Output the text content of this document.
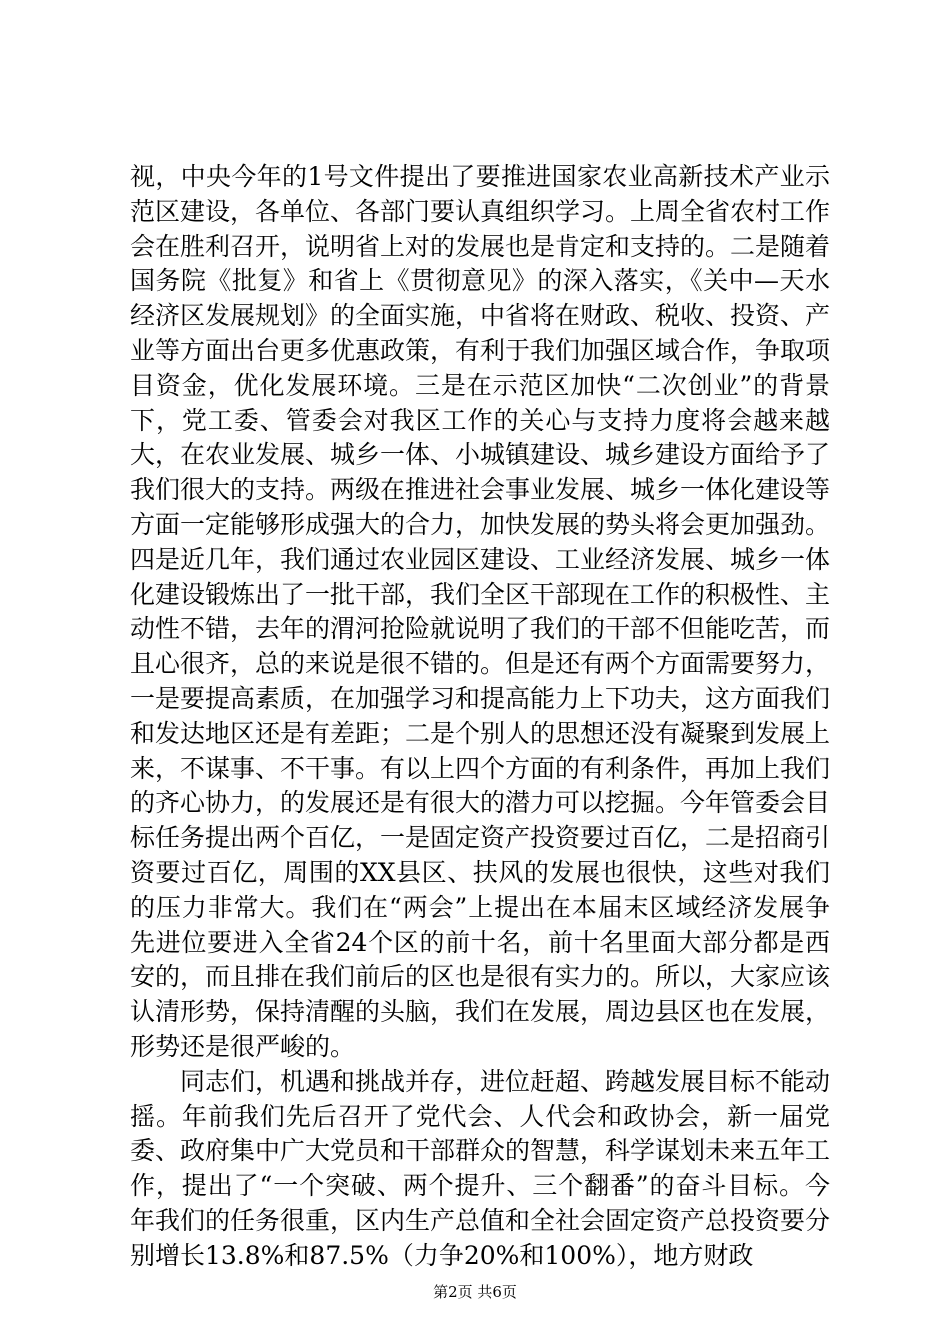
视，中央今年的1号文件提出了要推进国家农业高新技术产业示范区建设，各单位、各部门要认真组织学习。上周全省农村工作会在胜利召开，说明省上对的发展也是肯定和支持的。二是随着国务院《批复》和省上《贯彻意见》的深入落实，《关中—天水经济区发展规划》的全面实施，中省将在财政、税收、投资、产业等方面出台更多优惠政策，有利于我们加强区域合作，争取项目资金，优化发展环境。三是在示范区加快“二次创业”的背景下，党工委、管委会对我区工作的关心与支持力度将会越来越大，在农业发展、城乡一体、小城镇建设、城乡建设方面给予了我们很大的支持。两级在推进社会事业发展、城乡一体化建设等方面一定能够形成强大的合力，加快发展的势头将会更加强劲。四是近几年，我们通过农业园区建设、工业经济发展、城乡一体化建设锻炼出了一批干部，我们全区干部现在工作的积极性、主动性不错，去年的渭河抢险就说明了我们的干部不但能吃苦，而且心很齐，总的来说是很不错的。但是还有两个方面需要努力，一是要提高素质，在加强学习和提高能力上下功夫，这方面我们和发达地区还是有差距；二是个别人的思想还没有凝聚到发展上来，不谋事、不干事。有以上四个方面的有利条件，再加上我们的齐心协力，的发展还是有很大的潜力可以挖掘。今年管委会目标任务提出两个百亿，一是固定资产投资要过百亿，二是招商引资要过百亿，周围的XX县区、扶风的发展也很快，这些对我们的压力非常大。我们在“两会”上提出在本届末区域经济发展争先进位要进入全省24个区的前十名，前十名里面大部分都是西安的，而且排在我们前后的区也是很有实力的。所以，大家应该认清形势，保持清醒的头脑，我们在发展，周边县区也在发展，形势还是很严峻的。

同志们，机遇和挑战并存，进位赶超、跨越发展目标不能动摇。年前我们先后召开了党代会、人代会和政协会，新一届党委、政府集中广大党员和干部群众的智慧，科学谋划未来五年工作，提出了“一个突破、两个提升、三个翻番”的奋斗目标。今年我们的任务很重，区内生产总值和全社会固定资产总投资要分别增长13.8%和87.5%（力争20%和100%），地方财政

第2页 共6页
